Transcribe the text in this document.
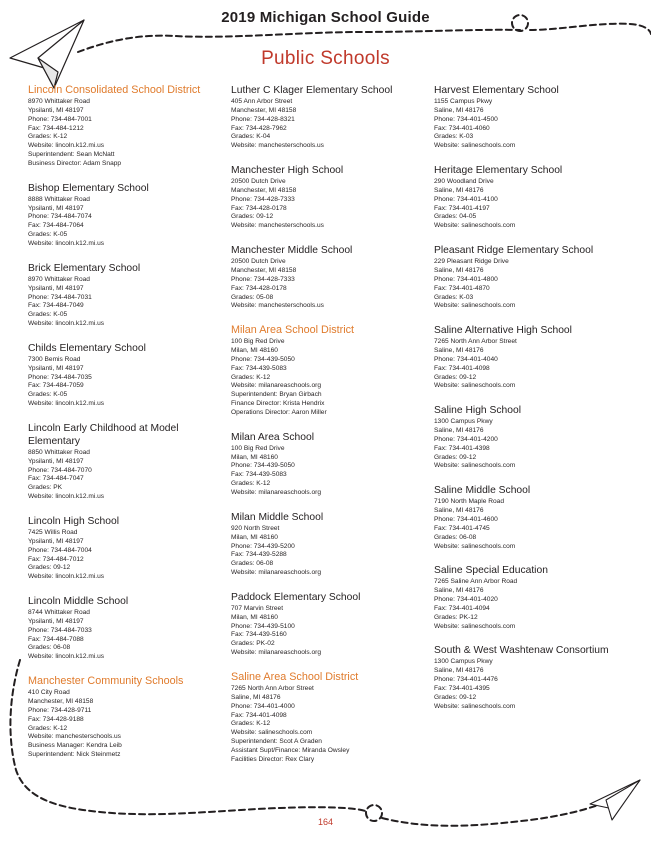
2019 Michigan School Guide
Public Schools
Lincoln Consolidated School District
8970 Whittaker Road
Ypsilanti, MI 48197
Phone: 734-484-7001
Fax: 734-484-1212
Grades: K-12
Website: lincoln.k12.mi.us
Superintendent: Sean McNatt
Business Director: Adam Snapp
Bishop Elementary School
8888 Whittaker Road
Ypsilanti, MI 48197
Phone: 734-484-7074
Fax: 734-484-7064
Grades: K-05
Website: lincoln.k12.mi.us
Brick Elementary School
8970 Whittaker Road
Ypsilanti, MI 48197
Phone: 734-484-7031
Fax: 734-484-7049
Grades: K-05
Website: lincoln.k12.mi.us
Childs Elementary School
7300 Bemis Road
Ypsilanti, MI 48197
Phone: 734-484-7035
Fax: 734-484-7059
Grades: K-05
Website: lincoln.k12.mi.us
Lincoln Early Childhood at Model Elementary
8850 Whittaker Road
Ypsilanti, MI 48197
Phone: 734-484-7070
Fax: 734-484-7047
Grades: PK
Website: lincoln.k12.mi.us
Lincoln High School
7425 Willis Road
Ypsilanti, MI 48197
Phone: 734-484-7004
Fax: 734-484-7012
Grades: 09-12
Website: lincoln.k12.mi.us
Lincoln Middle School
8744 Whittaker Road
Ypsilanti, MI 48197
Phone: 734-484-7033
Fax: 734-484-7088
Grades: 06-08
Website: lincoln.k12.mi.us
Manchester Community Schools
410 City Road
Manchester, MI 48158
Phone: 734-428-9711
Fax: 734-428-9188
Grades: K-12
Website: manchesterschools.us
Business Manager: Kendra Leib
Superintendent: Nick Steinmetz
Luther C Klager Elementary School
405 Ann Arbor Street
Manchester, MI 48158
Phone: 734-428-8321
Fax: 734-428-7962
Grades: K-04
Website: manchesterschools.us
Manchester High School
20500 Dutch Drive
Manchester, MI 48158
Phone: 734-428-7333
Fax: 734-428-0178
Grades: 09-12
Website: manchesterschools.us
Manchester Middle School
20500 Dutch Drive
Manchester, MI 48158
Phone: 734-428-7333
Fax: 734-428-0178
Grades: 05-08
Website: manchesterschools.us
Milan Area School District
100 Big Red Drive
Milan, MI 48160
Phone: 734-439-5050
Fax: 734-439-5083
Grades: K-12
Website: milanareaschools.org
Superintendent: Bryan Girbach
Finance Director: Krista Hendrix
Operations Director: Aaron Miller
Milan Area School
100 Big Red Drive
Milan, MI 48160
Phone: 734-439-5050
Fax: 734-439-5083
Grades: K-12
Website: milanareaschools.org
Milan Middle School
920 North Street
Milan, MI 48160
Phone: 734-439-5200
Fax: 734-439-5288
Grades: 06-08
Website: milanareaschools.org
Paddock Elementary School
707 Marvin Street
Milan, MI 48160
Phone: 734-439-5100
Fax: 734-439-5160
Grades: PK-02
Website: milanareaschools.org
Saline Area School District
7265 North Ann Arbor Street
Saline, MI 48176
Phone: 734-401-4000
Fax: 734-401-4098
Grades: K-12
Website: salineschools.com
Superintendent: Scot A Graden
Assistant Supt/Finance: Miranda Owsley
Facilities Director: Rex Clary
Harvest Elementary School
1155 Campus Pkwy
Saline, MI 48176
Phone: 734-401-4500
Fax: 734-401-4060
Grades: K-03
Website: salineschools.com
Heritage Elementary School
290 Woodland Drive
Saline, MI 48176
Phone: 734-401-4100
Fax: 734-401-4197
Grades: 04-05
Website: salineschools.com
Pleasant Ridge Elementary School
229 Pleasant Ridge Drive
Saline, MI 48176
Phone: 734-401-4800
Fax: 734-401-4870
Grades: K-03
Website: salineschools.com
Saline Alternative High School
7265 North Ann Arbor Street
Saline, MI 48176
Phone: 734-401-4040
Fax: 734-401-4098
Grades: 09-12
Website: salineschools.com
Saline High School
1300 Campus Pkwy
Saline, MI 48176
Phone: 734-401-4200
Fax: 734-401-4398
Grades: 09-12
Website: salineschools.com
Saline Middle School
7190 North Maple Road
Saline, MI 48176
Phone: 734-401-4600
Fax: 734-401-4745
Grades: 06-08
Website: salineschools.com
Saline Special Education
7265 Saline Ann Arbor Road
Saline, MI 48176
Phone: 734-401-4020
Fax: 734-401-4094
Grades: PK-12
Website: salineschools.com
South & West Washtenaw Consortium
1300 Campus Pkwy
Saline, MI 48176
Phone: 734-401-4476
Fax: 734-401-4395
Grades: 09-12
Website: salineschools.com
164
